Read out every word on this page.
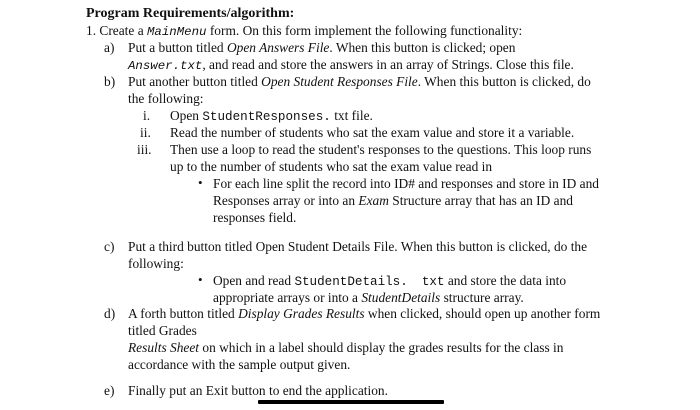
Program Requirements/algorithm:
1. Create a MainMenu form. On this form implement the following functionality:
a) Put a button titled Open Answers File. When this button is clicked; open
Answer.txt, and read and store the answers in an array of Strings. Close this file.
b) Put another button titled Open Student Responses File. When this button is clicked, do
the following:
i. Open StudentResponses. txt file.
ii. Read the number of students who sat the exam value and store it a variable.
iii. Then use a loop to read the student's responses to the questions. This loop runs
up to the number of students who sat the exam value read in
• For each line split the record into ID# and responses and store in ID and
Responses array or into an Exam Structure array that has an ID and
responses field.
c) Put a third button titled Open Student Details File. When this button is clicked, do the
following:
• Open and read StudentDetails. txt and store the data into
appropriate arrays or into a StudentDetails structure array.
d) A forth button titled Display Grades Results when clicked, should open up another form
titled Grades
Results Sheet on which in a label should display the grades results for the class in
accordance with the sample output given.
e) Finally put an Exit button to end the application.
